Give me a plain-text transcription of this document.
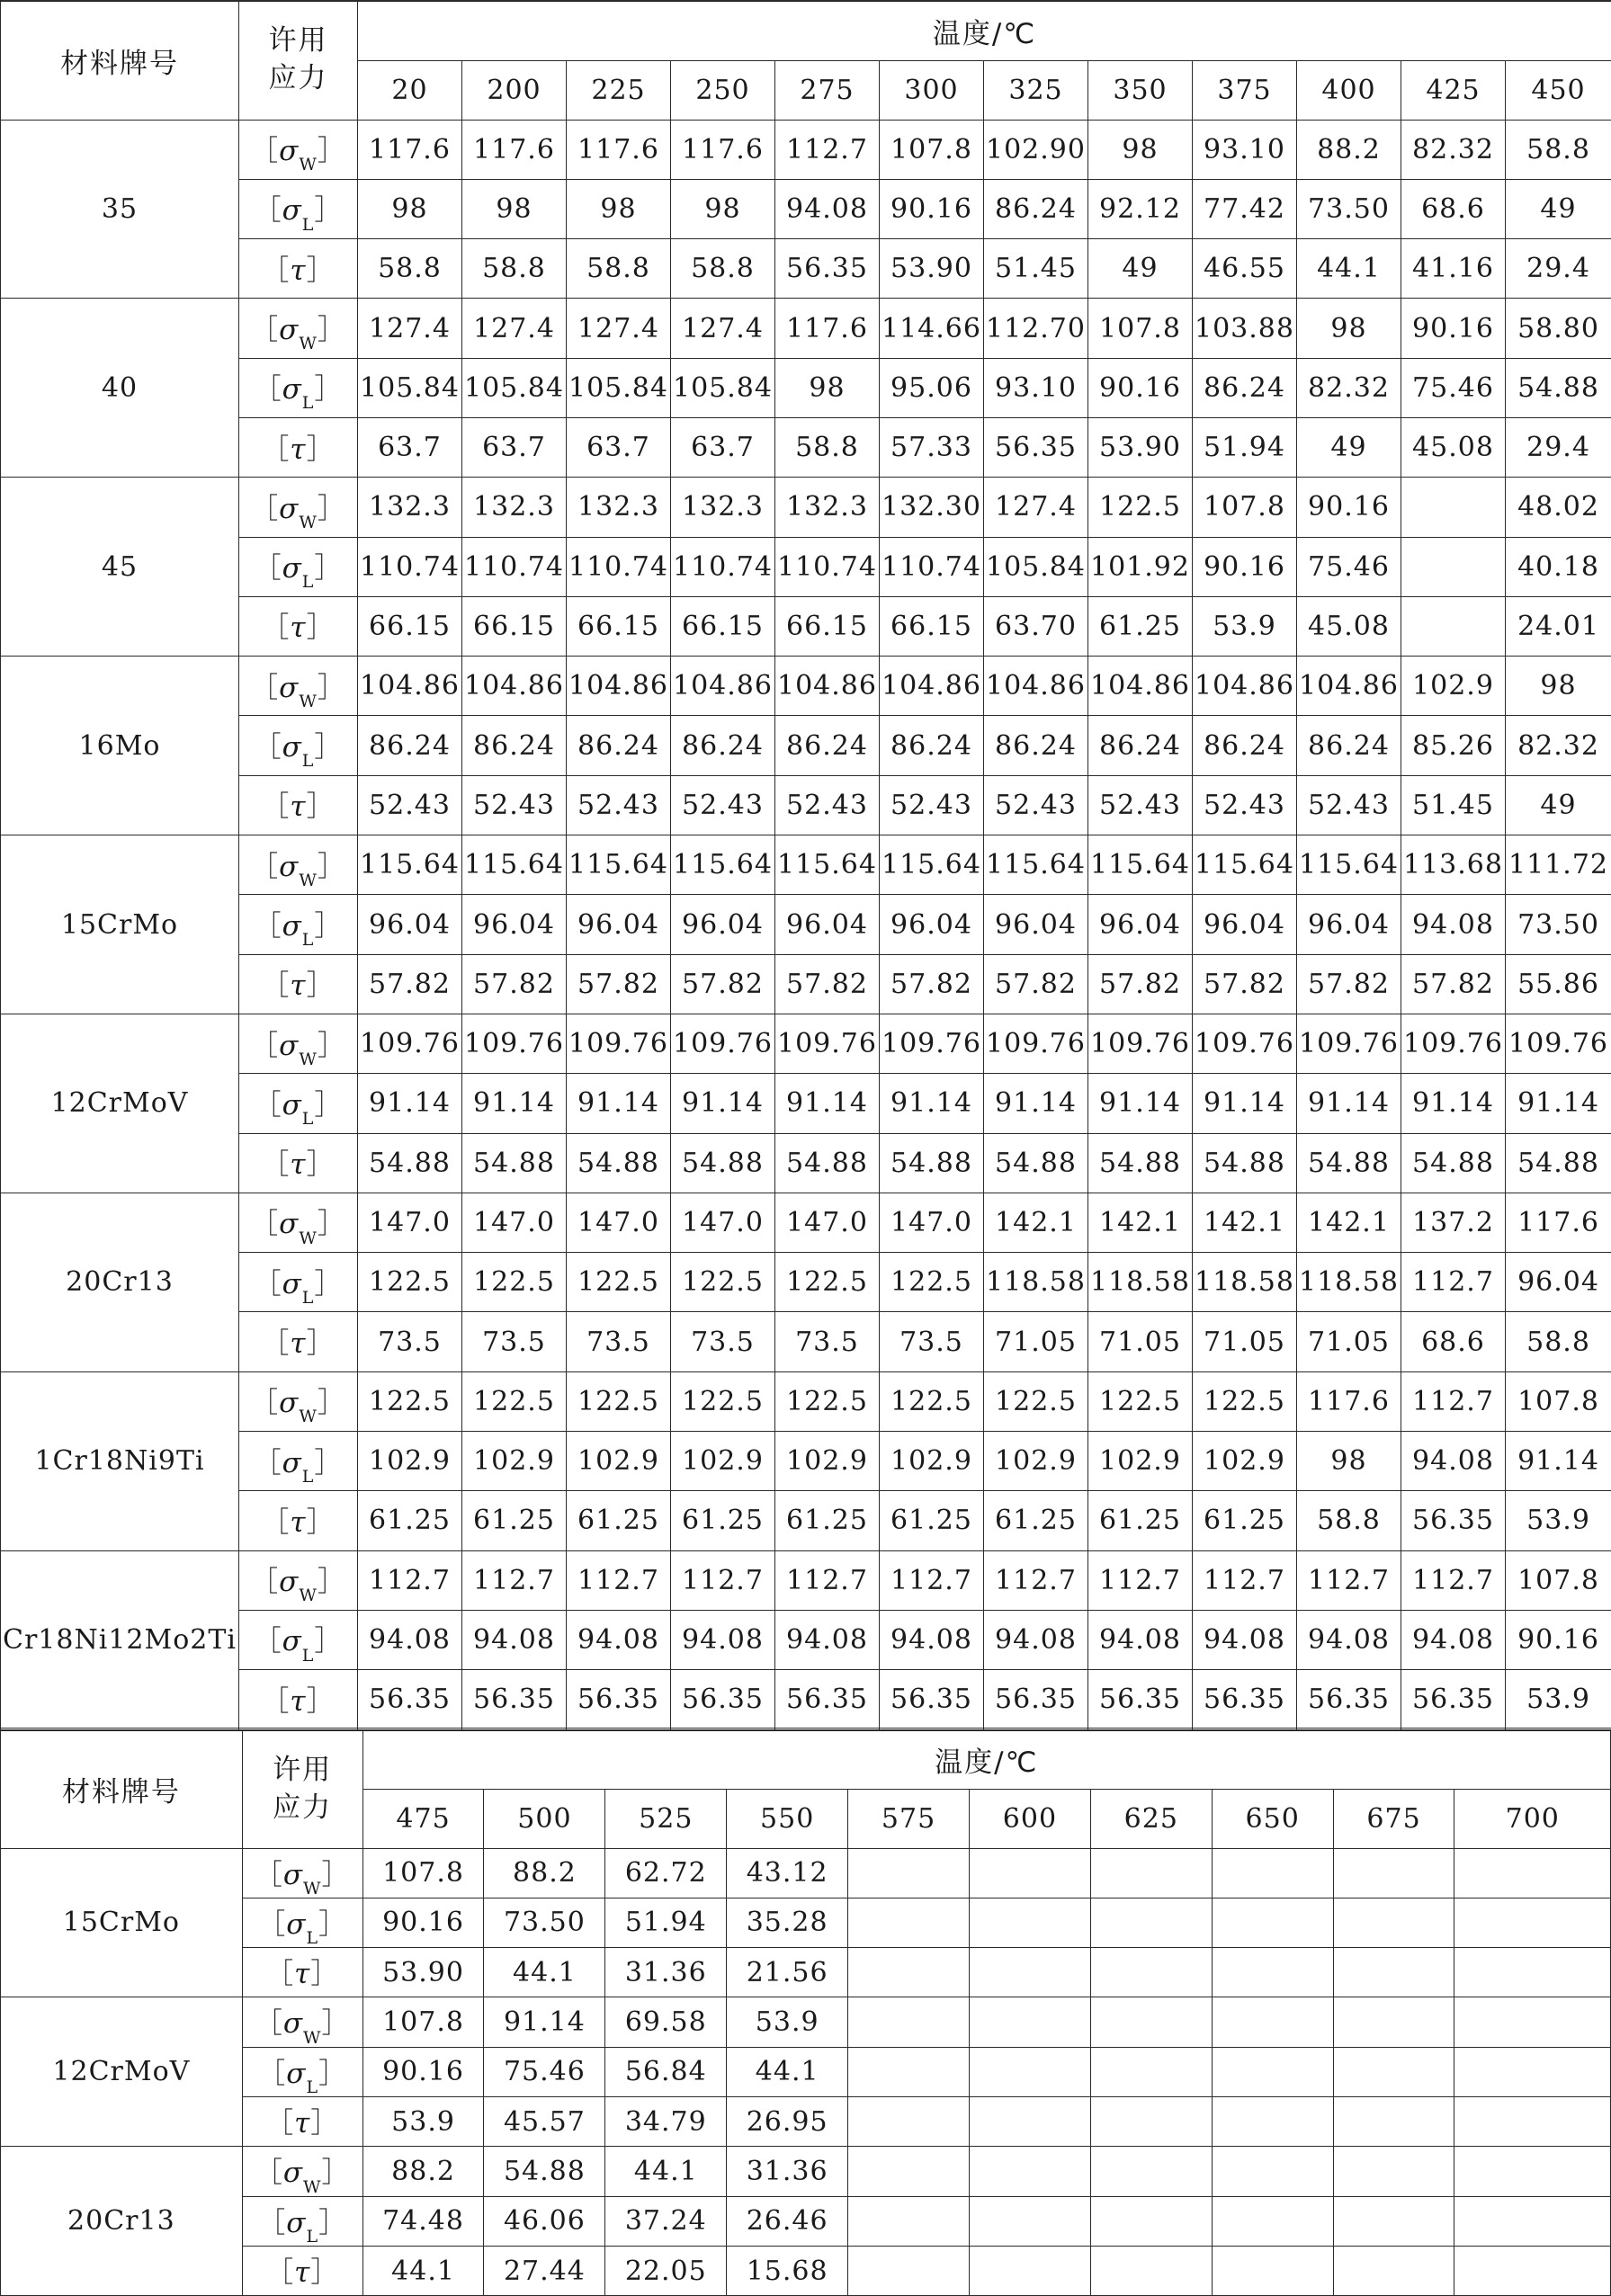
材料牌号	许用
应力	温度/℃											
		20	200	225	250	275	300	325	350	375	400	425	450
35	$[\sigma_W]$	117.6	117.6	117.6	117.6	112.7	107.8	102.90	98	93.10	88.2	82.32	58.8
	$[\sigma_L]$	98	98	98	98	94.08	90.16	86.24	92.12	77.42	73.50	68.6	49
	［τ］	58.8	58.8	58.8	58.8	56.35	53.90	51.45	49	46.55	44.1	41.16	29.4
40	$[\sigma_W]$	127.4	127.4	127.4	127.4	117.6	114.66	112.70	107.8	103.88	98	90.16	58.80
	$[\sigma_L]$	105.84	105.84	105.84	105.84	98	95.06	93.10	90.16	86.24	82.32	75.46	54.88
	［τ］	63.7	63.7	63.7	63.7	58.8	57.33	56.35	53.90	51.94	49	45.08	29.4
45	$[\sigma_W]$	132.3	132.3	132.3	132.3	132.3	132.30	127.4	122.5	107.8	90.16		48.02
	$[\sigma_L]$	110.74	110.74	110.74	110.74	110.74	110.74	105.84	101.92	90.16	75.46		40.18
	［τ］	66.15	66.15	66.15	66.15	66.15	66.15	63.70	61.25	53.9	45.08		24.01
16Mo	$[\sigma_W]$	104.86	104.86	104.86	104.86	104.86	104.86	104.86	104.86	104.86	104.86	102.9	98
	$[\sigma_L]$	86.24	86.24	86.24	86.24	86.24	86.24	86.24	86.24	86.24	86.24	85.26	82.32
	［τ］	52.43	52.43	52.43	52.43	52.43	52.43	52.43	52.43	52.43	52.43	51.45	49
15CrMo	$[\sigma_W]$	115.64	115.64	115.64	115.64	115.64	115.64	115.64	115.64	115.64	115.64	113.68	111.72
	$[\sigma_L]$	96.04	96.04	96.04	96.04	96.04	96.04	96.04	96.04	96.04	96.04	94.08	73.50
	［τ］	57.82	57.82	57.82	57.82	57.82	57.82	57.82	57.82	57.82	57.82	57.82	55.86
12CrMoV	$[\sigma_W]$	109.76	109.76	109.76	109.76	109.76	109.76	109.76	109.76	109.76	109.76	109.76	109.76
	$[\sigma_L]$	91.14	91.14	91.14	91.14	91.14	91.14	91.14	91.14	91.14	91.14	91.14	91.14
	［τ］	54.88	54.88	54.88	54.88	54.88	54.88	54.88	54.88	54.88	54.88	54.88	54.88
20Cr13	$[\sigma_W]$	147.0	147.0	147.0	147.0	147.0	147.0	142.1	142.1	142.1	142.1	137.2	117.6
	$[\sigma_L]$	122.5	122.5	122.5	122.5	122.5	122.5	118.58	118.58	118.58	118.58	112.7	96.04
	［τ］	73.5	73.5	73.5	73.5	73.5	73.5	71.05	71.05	71.05	71.05	68.6	58.8
1Cr18Ni9Ti	$[\sigma_W]$	122.5	122.5	122.5	122.5	122.5	122.5	122.5	122.5	122.5	117.6	112.7	107.8
	$[\sigma_L]$	102.9	102.9	102.9	102.9	102.9	102.9	102.9	102.9	102.9	98	94.08	91.14
	［τ］	61.25	61.25	61.25	61.25	61.25	61.25	61.25	61.25	61.25	58.8	56.35	53.9
Cr18Ni12Mo2Ti	$[\sigma_W]$	112.7	112.7	112.7	112.7	112.7	112.7	112.7	112.7	112.7	112.7	112.7	107.8
	$[\sigma_L]$	94.08	94.08	94.08	94.08	94.08	94.08	94.08	94.08	94.08	94.08	94.08	90.16
	［τ］	56.35	56.35	56.35	56.35	56.35	56.35	56.35	56.35	56.35	56.35	56.35	53.9
材料牌号	许用
应力	温度/℃									
		475	500	525	550	575	600	625	650	675	700
15CrMo	$[\sigma_W]$	107.8	88.2	62.72	43.12						
	$[\sigma_L]$	90.16	73.50	51.94	35.28						
	［τ］	53.90	44.1	31.36	21.56						
12CrMoV	$[\sigma_W]$	107.8	91.14	69.58	53.9						
	$[\sigma_L]$	90.16	75.46	56.84	44.1						
	［τ］	53.9	45.57	34.79	26.95						
20Cr13	$[\sigma_W]$	88.2	54.88	44.1	31.36						
	$[\sigma_L]$	74.48	46.06	37.24	26.46						
	［τ］	44.1	27.44	22.05	15.68						
